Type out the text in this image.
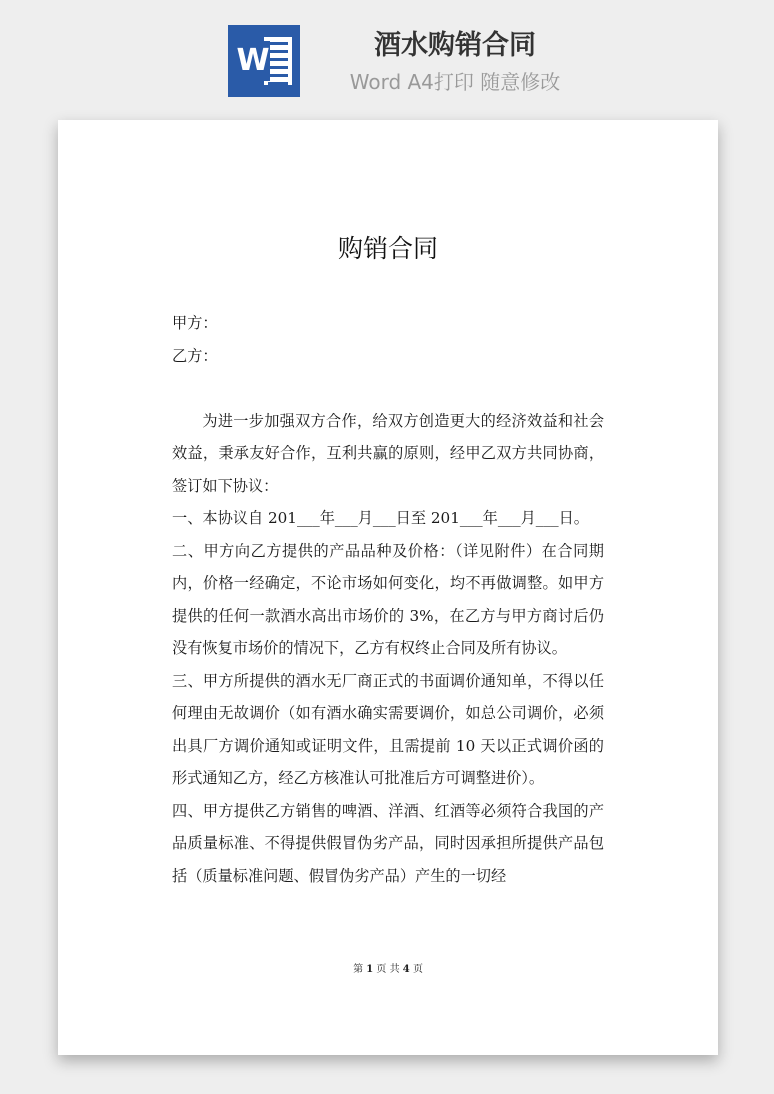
W	酒水购销合同
Word A4打印 随意修改
购销合同

甲方：

乙方：

为进一步加强双方合作，给双方创造更大的经济效益和社会效益，秉承友好合作，互利共赢的原则，经甲乙双方共同协商，签订如下协议：

一、本协议自 201___年___月___日至 201___年___月___日。

二、甲方向乙方提供的产品品种及价格：（详见附件）在合同期内，价格一经确定，不论市场如何变化，均不再做调整。如甲方提供的任何一款酒水高出市场价的 3%，在乙方与甲方商讨后仍没有恢复市场价的情况下，乙方有权终止合同及所有协议。

三、甲方所提供的酒水无厂商正式的书面调价通知单，不得以任何理由无故调价（如有酒水确实需要调价，如总公司调价，必须出具厂方调价通知或证明文件，且需提前 10 天以正式调价函的形式通知乙方，经乙方核准认可批准后方可调整进价）。

四、甲方提供乙方销售的啤酒、洋酒、红酒等必须符合我国的产品质量标准、不得提供假冒伪劣产品，同时因承担所提供产品包括（质量标准问题、假冒伪劣产品）产生的一切经

第 1 页 共 4 页
